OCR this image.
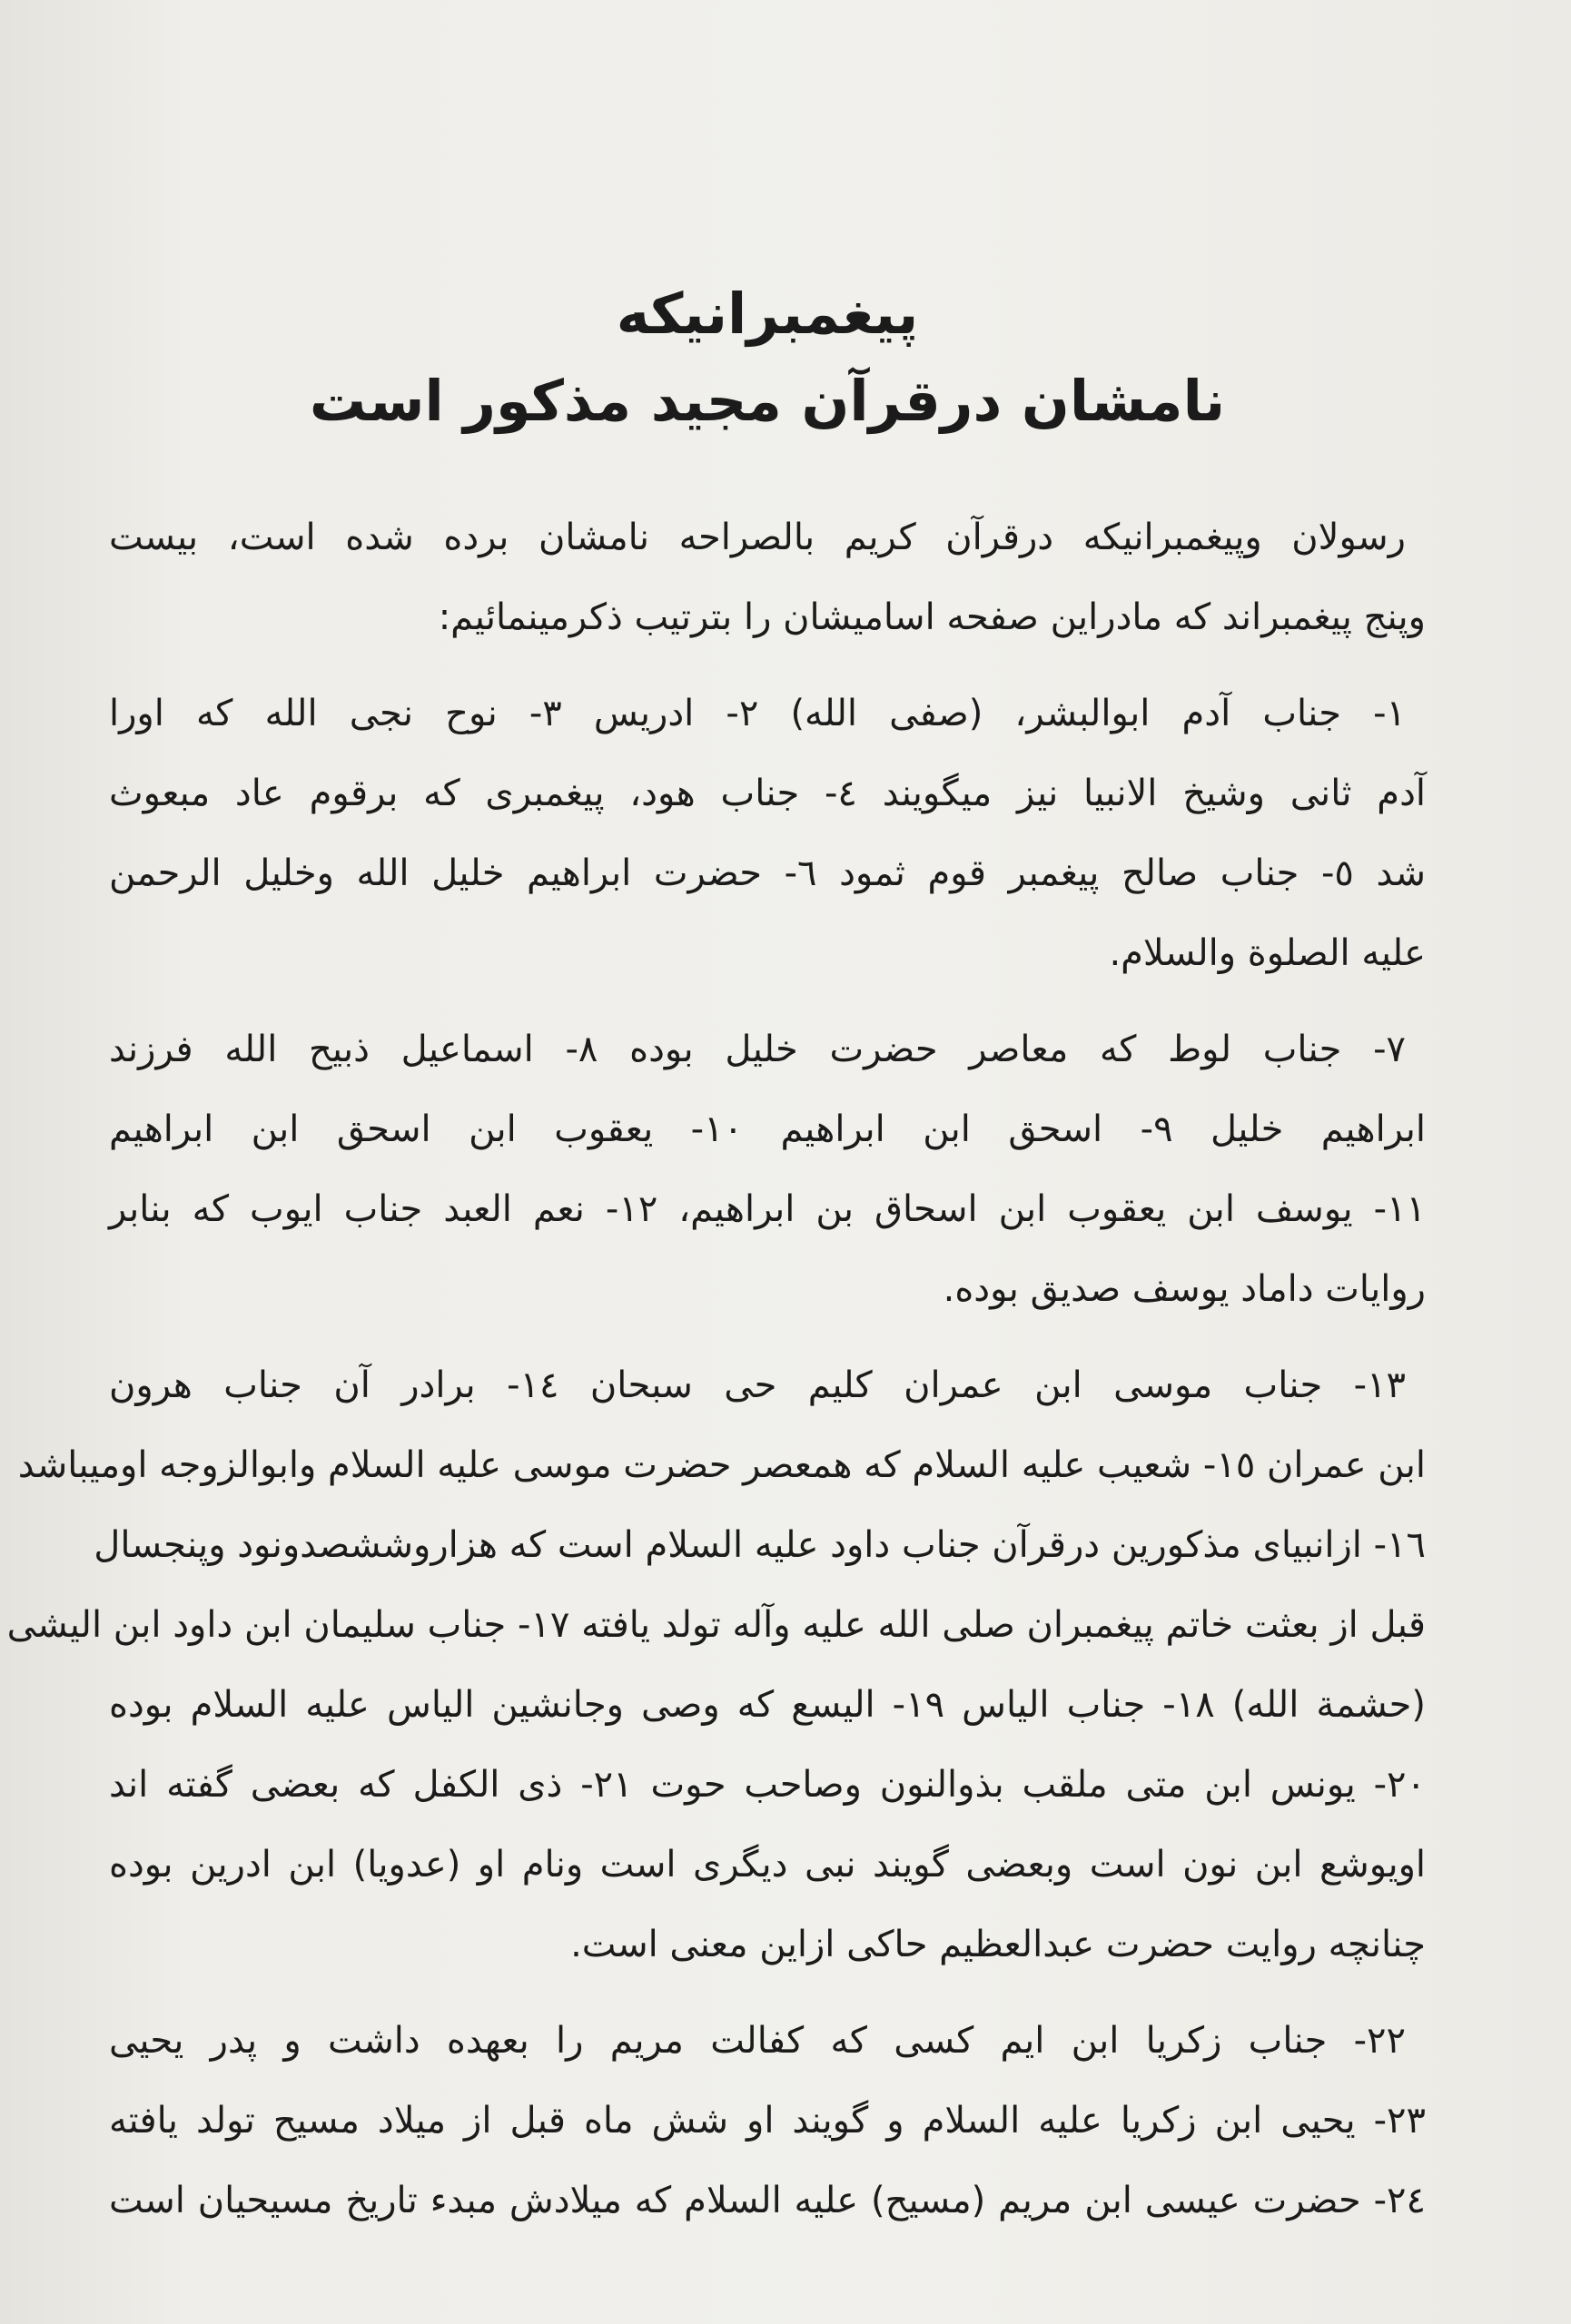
پیغمبرانیکه
نامشان درقرآن مجید مذکور است

رسولان وپیغمبرانیکه درقرآن کریم بالصراحه نامشان برده شده است، بیست
وپنج پیغمبراند که مادراین صفحه اسامیشان را بترتیب ذکرمینمائیم:

۱- جناب آدم ابوالبشر، (صفی الله) ۲- ادریس ۳- نوح نجی الله که اورا
آدم ثانی وشیخ الانبیا نیز میگویند ٤- جناب هود، پیغمبری که برقوم عاد مبعوث
شد ٥- جناب صالح پیغمبر قوم ثمود ٦- حضرت ابراهیم خلیل الله وخلیل الرحمن
علیه الصلوة والسلام.

۷- جناب لوط که معاصر حضرت خلیل بوده ۸- اسماعیل ذبیح الله فرزند
ابراهیم خلیل ۹- اسحق ابن ابراهیم ۱۰- یعقوب ابن اسحق ابن ابراهیم
۱۱- یوسف ابن یعقوب ابن اسحاق بن ابراهیم، ۱۲- نعم العبد جناب ایوب که بنابر
روایات داماد یوسف صدیق بوده.

۱۳- جناب موسی ابن عمران کلیم حی سبحان ۱٤- برادر آن جناب هرون
ابن عمران ۱٥- شعیب علیه السلام که همعصر حضرت موسی علیه السلام وابوالزوجه اومیباشد
۱٦- ازانبیای مذکورین درقرآن جناب داود علیه السلام است که هزاروششصدونود وپنجسال
قبل از بعثت خاتم پیغمبران صلی الله علیه وآله تولد یافته ۱۷- جناب سلیمان ابن داود ابن الیشی
(حشمة الله) ۱۸- جناب الیاس ۱۹- الیسع که وصی وجانشین الیاس علیه السلام بوده
۲۰- یونس ابن متی ملقب بذوالنون وصاحب حوت ۲۱- ذی الکفل که بعضی گفته اند
اویوشع ابن نون است وبعضی گویند نبی دیگری است ونام او (عدویا) ابن ادرین بوده
چنانچه روایت حضرت عبدالعظیم حاکی ازاین معنی است.

۲۲- جناب زکریا ابن ایم کسی که کفالت مریم را بعهده داشت و پدر یحیی
۲۳- یحیی ابن زکریا علیه السلام و گویند او شش ماه قبل از میلاد مسیح تولد یافته
۲٤- حضرت عیسی ابن مریم (مسیح) علیه السلام که میلادش مبدء تاریخ مسیحیان است
